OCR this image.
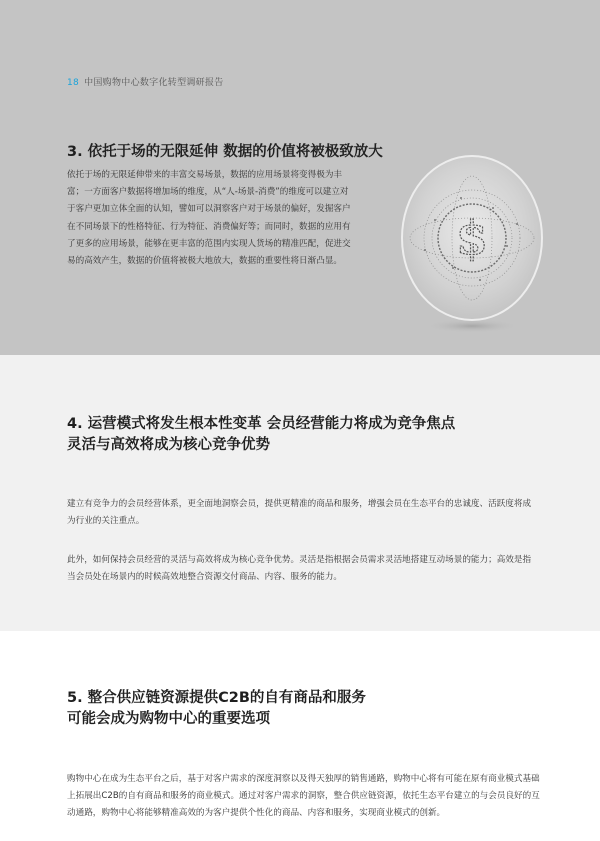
18 中国购物中心数字化转型调研报告
3. 依托于场的无限延伸 数据的价值将被极致放大

依托于场的无限延伸带来的丰富交易场景，数据的应用场景将变得极为丰富；一方面客户数据将增加场的维度，从“人-场景-消费”的维度可以建立对于客户更加立体全面的认知，譬如可以洞察客户对于场景的偏好，发掘客户在不同场景下的性格特征、行为特征、消费偏好等；而同时，数据的应用有了更多的应用场景，能够在更丰富的范围内实现人货场的精准匹配，促进交易的高效产生，数据的价值将被极大地放大，数据的重要性将日渐凸显。 $
4. 运营模式将发生根本性变革 会员经营能力将成为竞争焦点
灵活与高效将成为核心竞争优势

建立有竞争力的会员经营体系，更全面地洞察会员，提供更精准的商品和服务，增强会员在生态平台的忠诚度、活跃度将成为行业的关注重点。

此外，如何保持会员经营的灵活与高效将成为核心竞争优势。灵活是指根据会员需求灵活地搭建互动场景的能力；高效是指当会员处在场景内的时候高效地整合资源交付商品、内容、服务的能力。

5. 整合供应链资源提供C2B的自有商品和服务
可能会成为购物中心的重要选项

购物中心在成为生态平台之后，基于对客户需求的深度洞察以及得天独厚的销售通路，购物中心将有可能在原有商业模式基础上拓展出C2B的自有商品和服务的商业模式。通过对客户需求的洞察，整合供应链资源，依托生态平台建立的与会员良好的互动通路，购物中心将能够精准高效的为客户提供个性化的商品、内容和服务，实现商业模式的创新。
